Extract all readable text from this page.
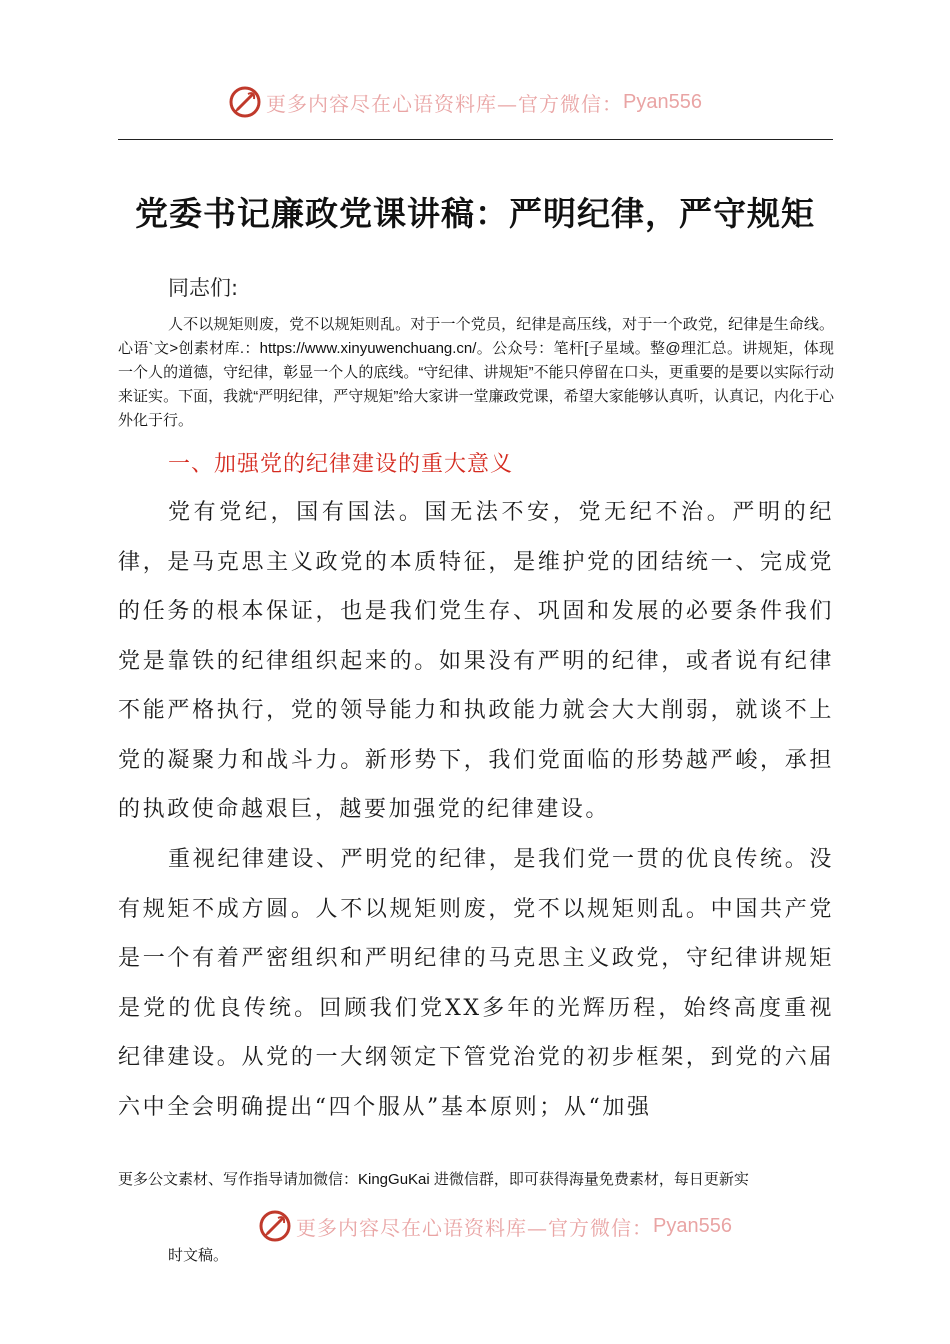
更多内容尽在心语资料库—官方微信： Pyan556
党委书记廉政党课讲稿：严明纪律，严守规矩
同志们:

人不以规矩则废，党不以规矩则乱。对于一个党员，纪律是高压线，对于一个政党，纪律是生命线。心语`文>创素材库.：https://www.xinyuwenchuang.cn/。公众号：笔杆[子星域。整@理汇总。讲规矩，体现一个人的道德，守纪律，彰显一个人的底线。“守纪律、讲规矩”不能只停留在口头，更重要的是要以实际行动来证实。下面，我就“严明纪律，严守规矩”给大家讲一堂廉政党课，希望大家能够认真听，认真记，内化于心外化于行。

一、加强党的纪律建设的重大意义

党有党纪，国有国法。国无法不安，党无纪不治。严明的纪律，是马克思主义政党的本质特征，是维护党的团结统一、完成党的任务的根本保证，也是我们党生存、巩固和发展的必要条件我们党是靠铁的纪律组织起来的。如果没有严明的纪律，或者说有纪律不能严格执行，党的领导能力和执政能力就会大大削弱，就谈不上党的凝聚力和战斗力。新形势下，我们党面临的形势越严峻，承担的执政使命越艰巨，越要加强党的纪律建设。

重视纪律建设、严明党的纪律，是我们党一贯的优良传统。没有规矩不成方圆。人不以规矩则废，党不以规矩则乱。中国共产党是一个有着严密组织和严明纪律的马克思主义政党，守纪律讲规矩是党的优良传统。回顾我们党XX多年的光辉历程，始终高度重视纪律建设。从党的一大纲领定下管党治党的初步框架，到党的六届六中全会明确提出“四个服从”基本原则；从“加强

更多公文素材、写作指导请加微信：KingGuKai 进微信群，即可获得海量免费素材，每日更新实

更多内容尽在心语资料库—官方微信： Pyan556

时文稿。
